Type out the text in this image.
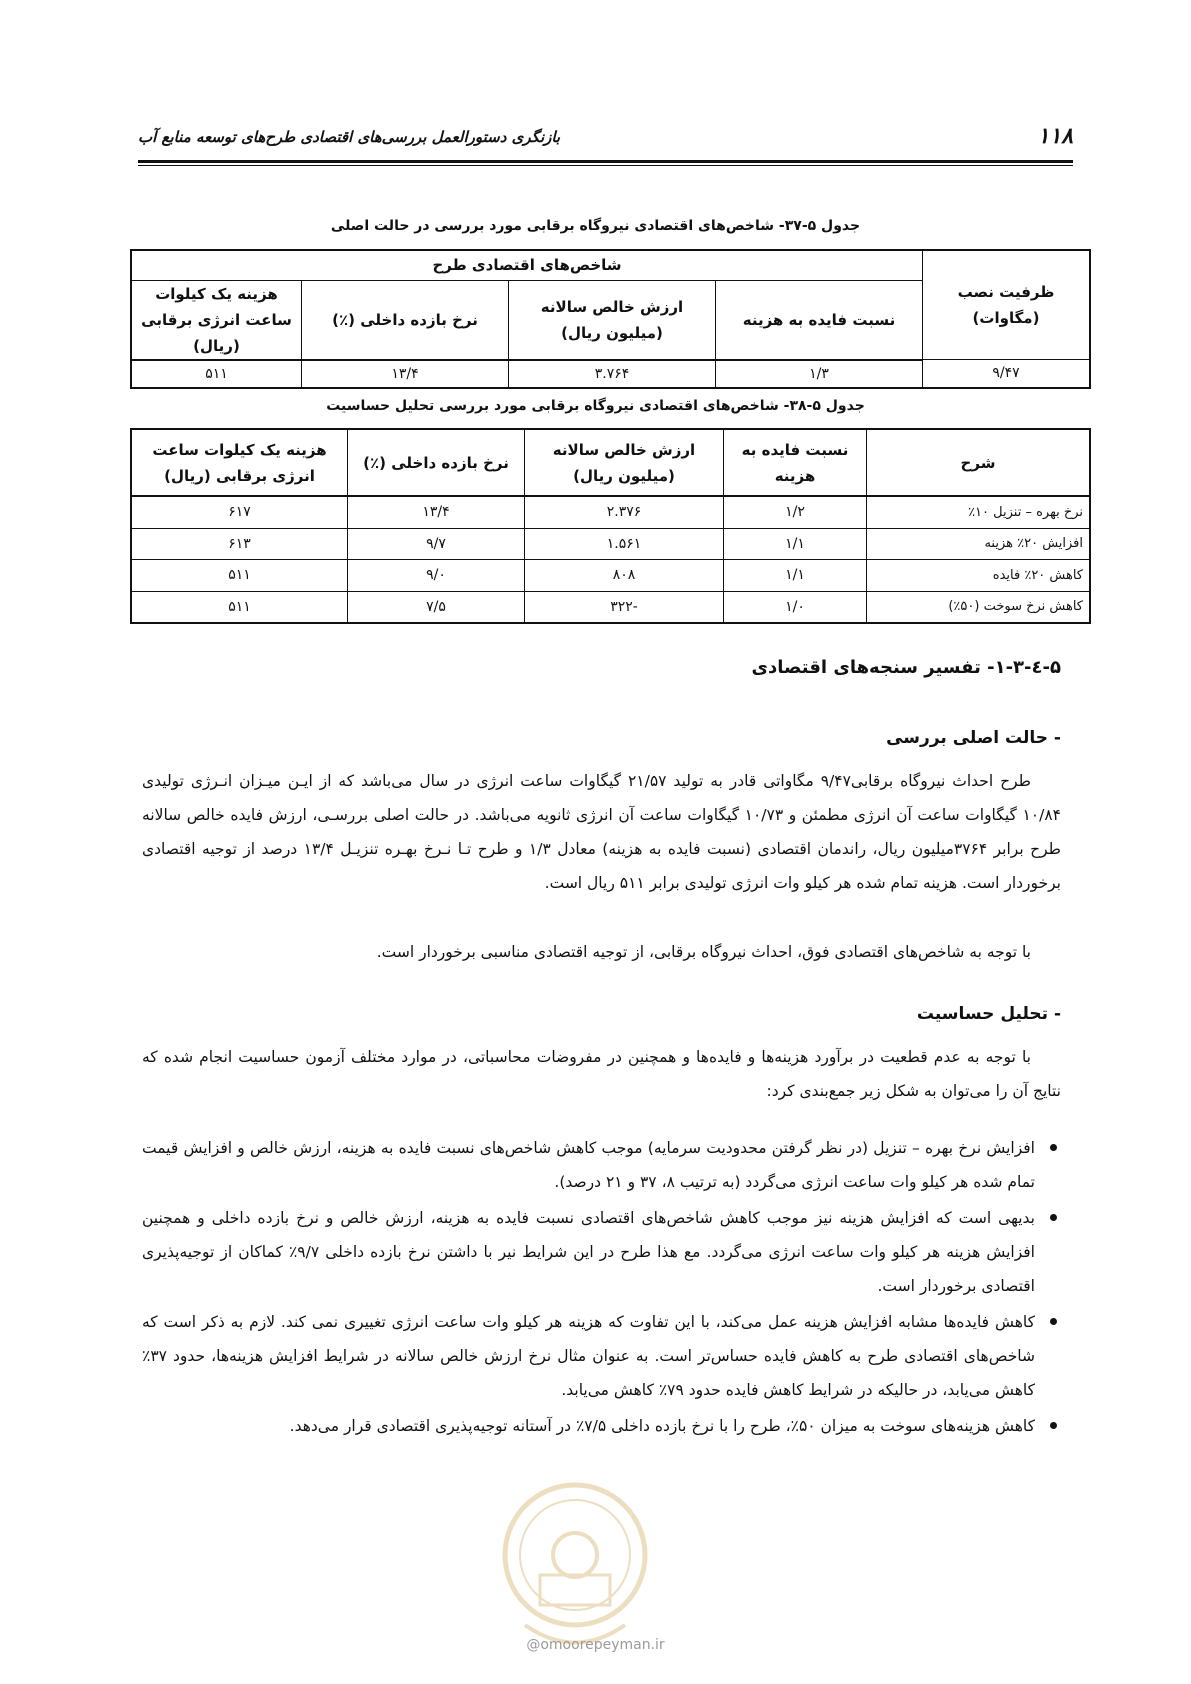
بازنگری دستورالعمل بررسی‌های اقتصادی طرح‌های توسعه منابع آب	۱۱۸
جدول ۵-۳۷- شاخص‌های اقتصادی نیروگاه برقابی مورد بررسی در حالت اصلی
ظرفیت نصب (مگاوات)	شاخص‌های اقتصادی طرح			
	نسبت فایده به هزینه	ارزش خالص سالانه (میلیون ریال)	نرخ بازده داخلی (٪)	هزینه یک کیلوات ساعت انرژی برقابی (ریال)
۹/۴۷	۱/۳	۳.۷۶۴	۱۳/۴	۵۱۱
جدول ۵-۳۸- شاخص‌های اقتصادی نیروگاه برقابی مورد بررسی تحلیل حساسیت
شرح	نسبت فایده به هزینه	ارزش خالص سالانه (میلیون ریال)	نرخ بازده داخلی (٪)	هزینه یک کیلوات ساعت انرژی برقابی (ریال)
نرخ بهره – تنزیل ۱۰٪	۱/۲	۲.۳۷۶	۱۳/۴	۶۱۷
افزایش ۲۰٪ هزینه	۱/۱	۱.۵۶۱	۹/۷	۶۱۳
کاهش ۲۰٪ فایده	۱/۱	۸۰۸	۹/۰	۵۱۱
کاهش نرخ سوخت (۵۰٪)	۱/۰	-۳۲۲	۷/۵	۵۱۱
۵-٤-۱-۳- تفسیر سنجه‌های اقتصادی
- حالت اصلی بررسی
طرح احداث نیروگاه برقابی۹/۴۷ مگاواتی قادر به تولید ۲۱/۵۷ گیگاوات ساعت انرژی در سال می‌باشد که از ایـن میـزان انـرژی تولیدی ۱۰/۸۴ گیگاوات ساعت آن انرژی مطمئن و ۱۰/۷۳ گیگاوات ساعت آن انرژی ثانویه می‌باشد. در حالت اصلی بررسـی، ارزش فایده خالص سالانه طرح برابر ۳۷۶۴میلیون ریال، راندمان اقتصادی (نسبت فایده به هزینه) معادل ۱/۳ و طرح تـا نـرخ بهـره تنزیـل ۱۳/۴ درصد از توجیه اقتصادی برخوردار است. هزینه تمام شده هر کیلو وات انرژی تولیدی برابر ۵۱۱ ریال است.
با توجه به شاخص‌های اقتصادی فوق، احداث نیروگاه برقابی، از توجیه اقتصادی مناسبی برخوردار است.
- تحلیل حساسیت
با توجه به عدم قطعیت در برآورد هزینه‌ها و فایده‌ها و همچنین در مفروضات محاسباتی، در موارد مختلف آزمون حساسیت انجام شده که نتایج آن را می‌توان به شکل زیر جمع‌بندی کرد:
افزایش نرخ بهره – تنزیل (در نظر گرفتن محدودیت سرمایه) موجب کاهش شاخص‌های نسبت فایده به هزینه، ارزش خالص و افزایش قیمت تمام شده هر کیلو وات ساعت انرژی می‌گردد (به ترتیب ۸، ۳۷ و ۲۱ درصد).
بدیهی است که افزایش هزینه نیز موجب کاهش شاخص‌های اقتصادی نسبت فایده به هزینه، ارزش خالص و نرخ بازده داخلی و همچنین افزایش هزینه هر کیلو وات ساعت انرژی می‌گردد. مع هذا طرح در این شرایط نیر با داشتن نرخ بازده داخلی ۹/۷٪ کماکان از توجیه‌پذیری اقتصادی برخوردار است.
کاهش فایده‌ها مشابه افزایش هزینه عمل می‌کند، با این تفاوت که هزینه هر کیلو وات ساعت انرژی تغییری نمی کند. لازم به ذکر است که شاخص‌های اقتصادی طرح به کاهش فایده حساس‌تر است. به عنوان مثال نرخ ارزش خالص سالانه در شرایط افزایش هزینه‌ها، حدود ۳۷٪ کاهش می‌یابد، در حالیکه در شرایط کاهش فایده حدود ۷۹٪ کاهش می‌یابد.
کاهش هزینه‌های سوخت به میزان ۵۰٪، طرح را با نرخ بازده داخلی ۷/۵٪ در آستانه توجیه‌پذیری اقتصادی قرار می‌دهد.
@omoorepeyman.ir
